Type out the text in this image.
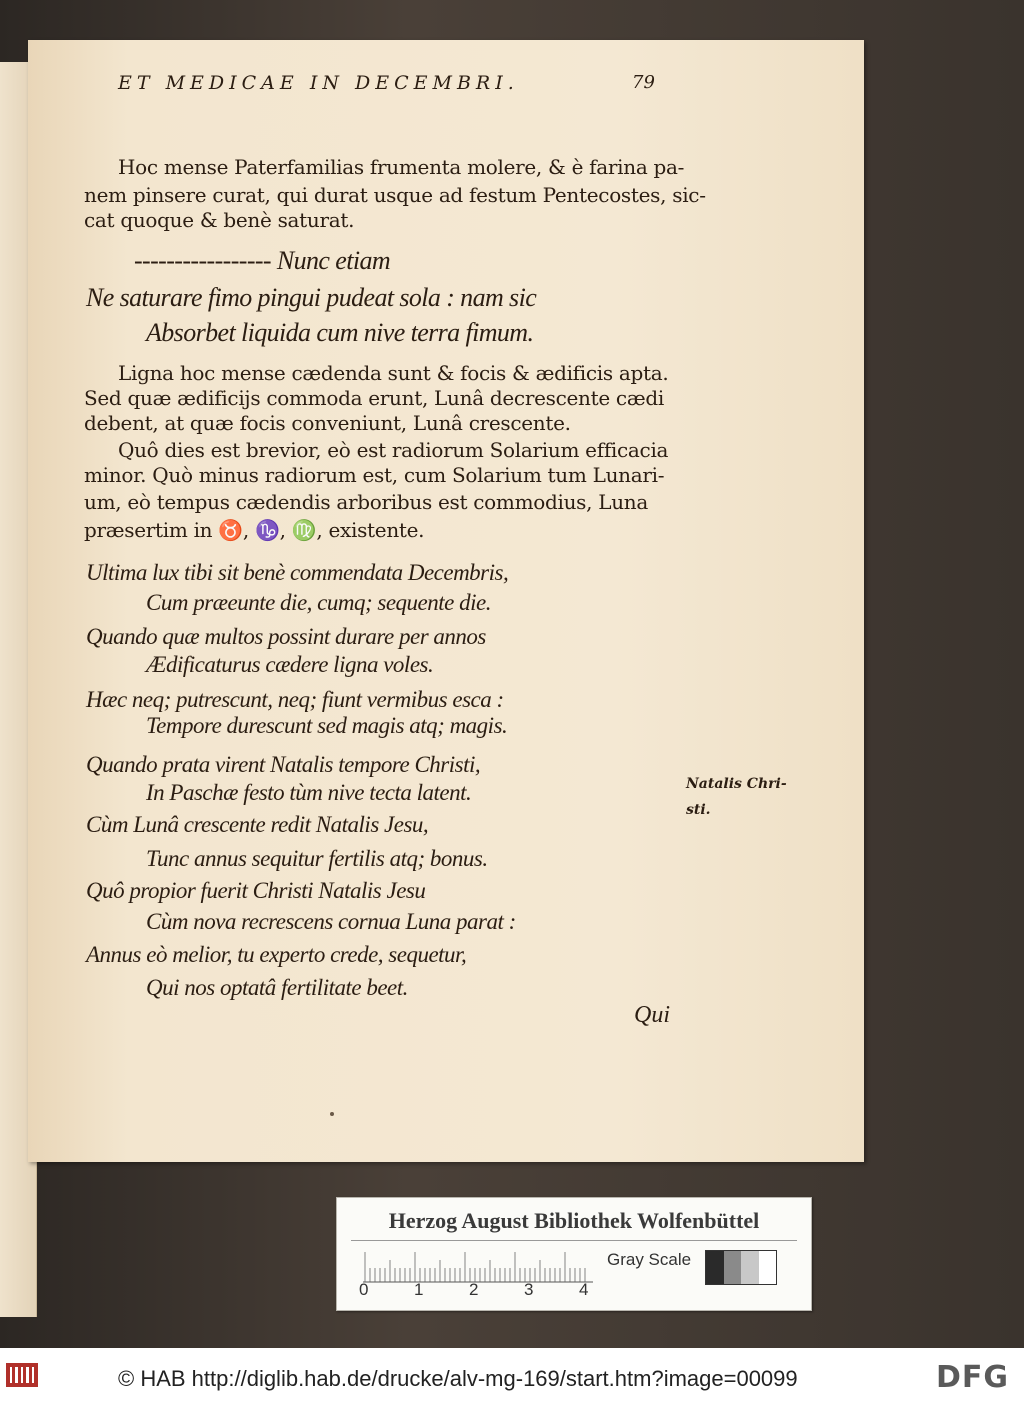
Hoc mense Paterfamilias frumenta molere, & è farina pa-
nem pinsere curat, qui durat usque ad festum Pentecostes, sic-
cat quoque & benè saturat.
----------------- Nunc etiam
Ne saturare fimo pingui pudeat sola : nam sic
Absorbet liquida cum nive terra fimum.
Ligna hoc mense cædenda sunt & focis & ædificis apta.
Sed quæ ædificijs commoda erunt, Lunâ decrescente cædi
debent, at quæ focis conveniunt, Lunâ crescente.
Quô dies est brevior, eò est radiorum Solarium efficacia
minor. Quò minus radiorum est, cum Solarium tum Lunari-
um, eò tempus cædendis arboribus est commodius, Luna
præsertim in ♉, ♑, ♍, existente.
Ultima lux tibi sit benè commendata Decembris,
Cum præeunte die, cumq; sequente die.
Quando quæ multos possint durare per annos
Ædificaturus cædere ligna voles.
Hæc neq; putrescunt, neq; fiunt vermibus esca :
Tempore durescunt sed magis atq; magis.
Quando prata virent Natalis tempore Christi,
In Paschæ festo tùm nive tecta latent.
Cùm Lunâ crescente redit Natalis Jesu,
Tunc annus sequitur fertilis atq; bonus.
Quô propior fuerit Christi Natalis Jesu
Cùm nova recrescens cornua Luna parat :
Annus eò melior, tu experto crede, sequetur,
Qui nos optatâ fertilitate beet.
ET MEDICAE IN DECEMBRI.	79
Natalis Chri-
sti.
Qui
Herzog August Bibliothek Wolfenbüttel
0	1	2	3	4
Gray Scale
© HAB http://diglib.hab.de/drucke/alv-mg-169/start.htm?image=00099	DFG
